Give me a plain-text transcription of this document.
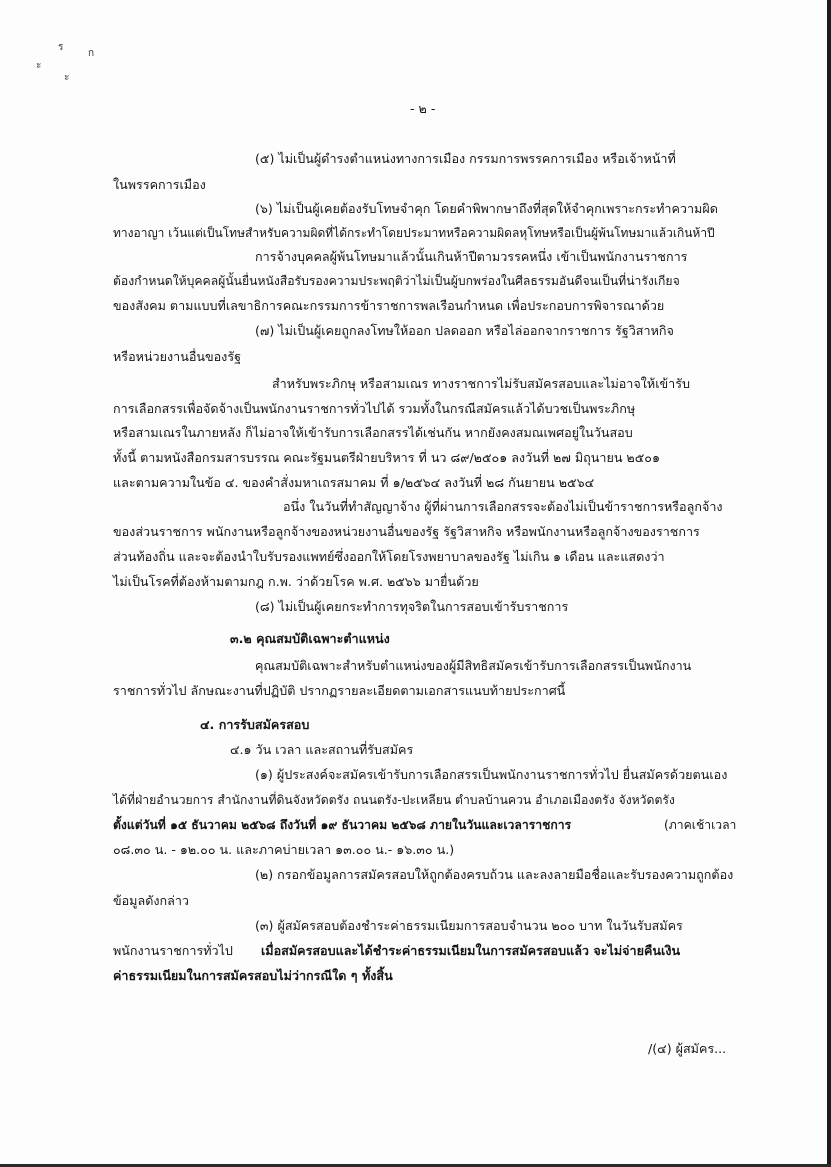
ร
ก
ะ
ะ
- ๒ -
(๕) ไม่เป็นผู้ดำรงตำแหน่งทางการเมือง กรรมการพรรคการเมือง หรือเจ้าหน้าที่
ในพรรคการเมือง
(๖) ไม่เป็นผู้เคยต้องรับโทษจำคุก โดยคำพิพากษาถึงที่สุดให้จำคุกเพราะกระทำความผิด
ทางอาญา เว้นแต่เป็นโทษสำหรับความผิดที่ได้กระทำโดยประมาทหรือความผิดลหุโทษหรือเป็นผู้พ้นโทษมาแล้วเกินห้าปี
การจ้างบุคคลผู้พ้นโทษมาแล้วนั้นเกินห้าปีตามวรรคหนึ่ง เข้าเป็นพนักงานราชการ
ต้องกำหนดให้บุคคลผู้นั้นยื่นหนังสือรับรองความประพฤติว่าไม่เป็นผู้บกพร่องในศีลธรรมอันดีจนเป็นที่น่ารังเกียจ
ของสังคม ตามแบบที่เลขาธิการคณะกรรมการข้าราชการพลเรือนกำหนด เพื่อประกอบการพิจารณาด้วย
(๗) ไม่เป็นผู้เคยถูกลงโทษให้ออก ปลดออก หรือไล่ออกจากราชการ รัฐวิสาหกิจ
หรือหน่วยงานอื่นของรัฐ
สำหรับพระภิกษุ หรือสามเณร ทางราชการไม่รับสมัครสอบและไม่อาจให้เข้ารับ
การเลือกสรรเพื่อจัดจ้างเป็นพนักงานราชการทั่วไปได้ รวมทั้งในกรณีสมัครแล้วได้บวชเป็นพระภิกษุ
หรือสามเณรในภายหลัง ก็ไม่อาจให้เข้ารับการเลือกสรรได้เช่นกัน หากยังคงสมณเพศอยู่ในวันสอบ
ทั้งนี้ ตามหนังสือกรมสารบรรณ คณะรัฐมนตรีฝ่ายบริหาร ที่ นว ๘๙/๒๕๐๑ ลงวันที่ ๒๗ มิถุนายน ๒๕๐๑
และตามความในข้อ ๔. ของคำสั่งมหาเถรสมาคม ที่ ๑/๒๕๖๔ ลงวันที่ ๒๘ กันยายน ๒๕๖๔
อนึ่ง ในวันที่ทำสัญญาจ้าง ผู้ที่ผ่านการเลือกสรรจะต้องไม่เป็นข้าราชการหรือลูกจ้าง
ของส่วนราชการ พนักงานหรือลูกจ้างของหน่วยงานอื่นของรัฐ รัฐวิสาหกิจ หรือพนักงานหรือลูกจ้างของราชการ
ส่วนท้องถิ่น และจะต้องนำใบรับรองแพทย์ซึ่งออกให้โดยโรงพยาบาลของรัฐ ไม่เกิน ๑ เดือน และแสดงว่า
ไม่เป็นโรคที่ต้องห้ามตามกฎ ก.พ. ว่าด้วยโรค พ.ศ. ๒๕๖๖ มายื่นด้วย
(๘) ไม่เป็นผู้เคยกระทำการทุจริตในการสอบเข้ารับราชการ
๓.๒ คุณสมบัติเฉพาะตำแหน่ง
คุณสมบัติเฉพาะสำหรับตำแหน่งของผู้มีสิทธิสมัครเข้ารับการเลือกสรรเป็นพนักงาน
ราชการทั่วไป ลักษณะงานที่ปฏิบัติ ปรากฏรายละเอียดตามเอกสารแนบท้ายประกาศนี้
๔. การรับสมัครสอบ
๔.๑ วัน เวลา และสถานที่รับสมัคร
(๑) ผู้ประสงค์จะสมัครเข้ารับการเลือกสรรเป็นพนักงานราชการทั่วไป ยื่นสมัครด้วยตนเอง
ได้ที่ฝ่ายอำนวยการ สำนักงานที่ดินจังหวัดตรัง ถนนตรัง-ปะเหลียน ตำบลบ้านควน อำเภอเมืองตรัง จังหวัดตรัง
ตั้งแต่วันที่ ๑๕ ธันวาคม ๒๕๖๘ ถึงวันที่ ๑๙ ธันวาคม ๒๕๖๘ ภายในวันและเวลาราชการ	(ภาคเช้าเวลา
๐๘.๓๐ น. - ๑๒.๐๐ น. และภาคบ่ายเวลา ๑๓.๐๐ น.- ๑๖.๓๐ น.)
(๒) กรอกข้อมูลการสมัครสอบให้ถูกต้องครบถ้วน และลงลายมือชื่อและรับรองความถูกต้อง
ข้อมูลดังกล่าว
(๓) ผู้สมัครสอบต้องชำระค่าธรรมเนียมการสอบจำนวน ๒๐๐ บาท ในวันรับสมัคร
พนักงานราชการทั่วไป เมื่อสมัครสอบและได้ชำระค่าธรรมเนียมในการสมัครสอบแล้ว จะไม่จ่ายคืนเงิน
ค่าธรรมเนียมในการสมัครสอบไม่ว่ากรณีใด ๆ ทั้งสิ้น
/(๔) ผู้สมัคร...
